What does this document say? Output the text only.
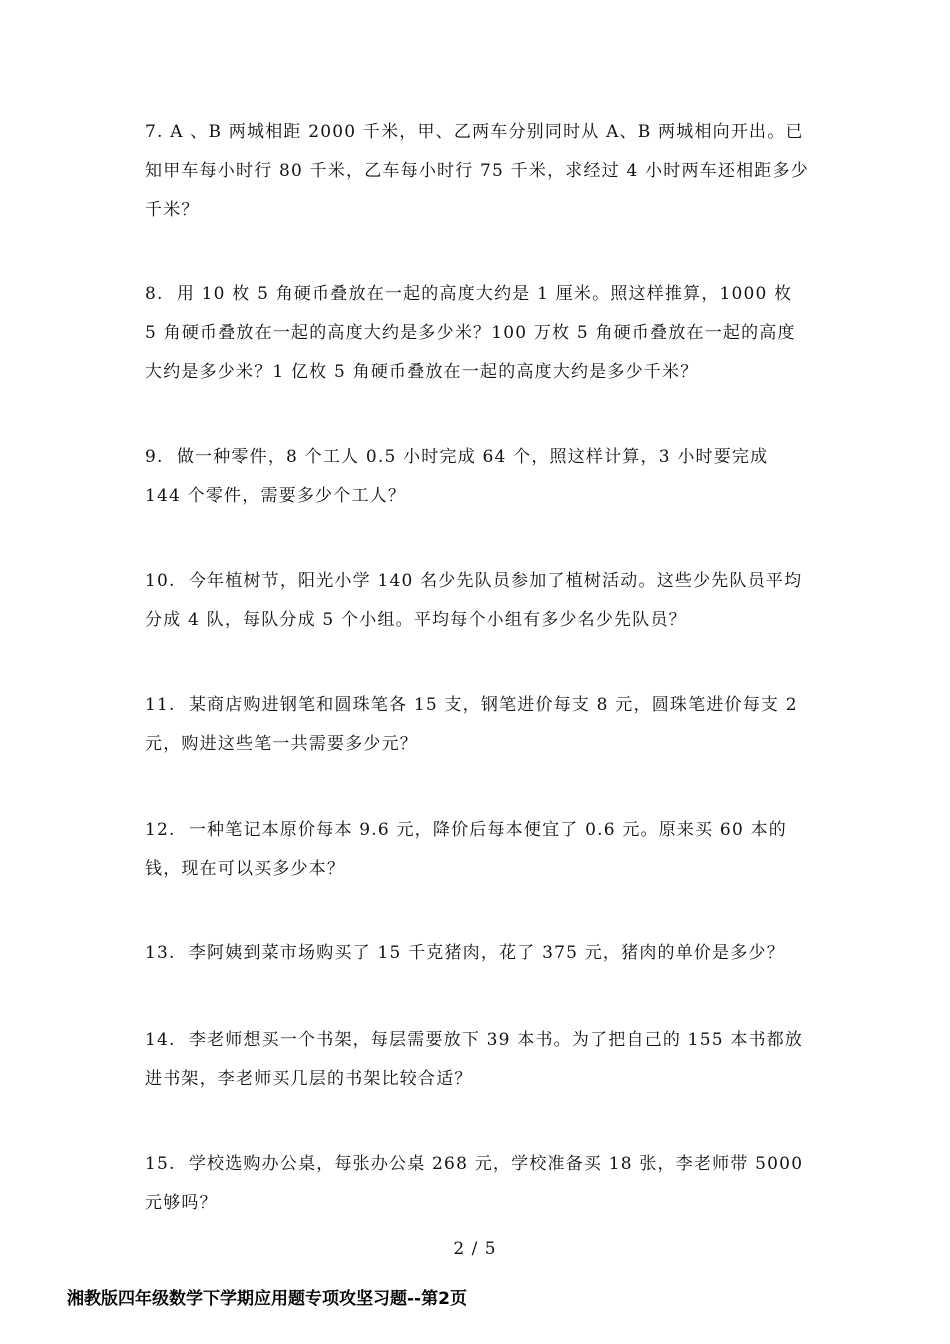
7. A 、B 两城相距 2000 千米，甲、乙两车分别同时从 A、B 两城相向开出。已知甲车每小时行 80 千米，乙车每小时行 75 千米，求经过 4 小时两车还相距多少千米？

8.  用 10 枚 5 角硬币叠放在一起的高度大约是 1 厘米。照这样推算，1000 枚 5 角硬币叠放在一起的高度大约是多少米？100 万枚 5 角硬币叠放在一起的高度大约是多少米？1 亿枚 5 角硬币叠放在一起的高度大约是多少千米？

9.  做一种零件，8 个工人 0.5 小时完成 64 个，照这样计算，3 小时要完成 144 个零件，需要多少个工人？

10.  今年植树节，阳光小学 140 名少先队员参加了植树活动。这些少先队员平均分成 4 队，每队分成 5 个小组。平均每个小组有多少名少先队员？

11.  某商店购进钢笔和圆珠笔各 15 支，钢笔进价每支 8 元，圆珠笔进价每支 2 元，购进这些笔一共需要多少元？

12.  一种笔记本原价每本 9.6 元，降价后每本便宜了 0.6 元。原来买 60 本的钱，现在可以买多少本？

13.  李阿姨到菜市场购买了 15 千克猪肉，花了 375 元，猪肉的单价是多少？

14.  李老师想买一个书架，每层需要放下 39 本书。为了把自己的 155 本书都放进书架，李老师买几层的书架比较合适？

15.  学校选购办公桌，每张办公桌 268 元，学校准备买 18 张，李老师带 5000 元够吗？

2 / 5
湘教版四年级数学下学期应用题专项攻坚习题--第2页
